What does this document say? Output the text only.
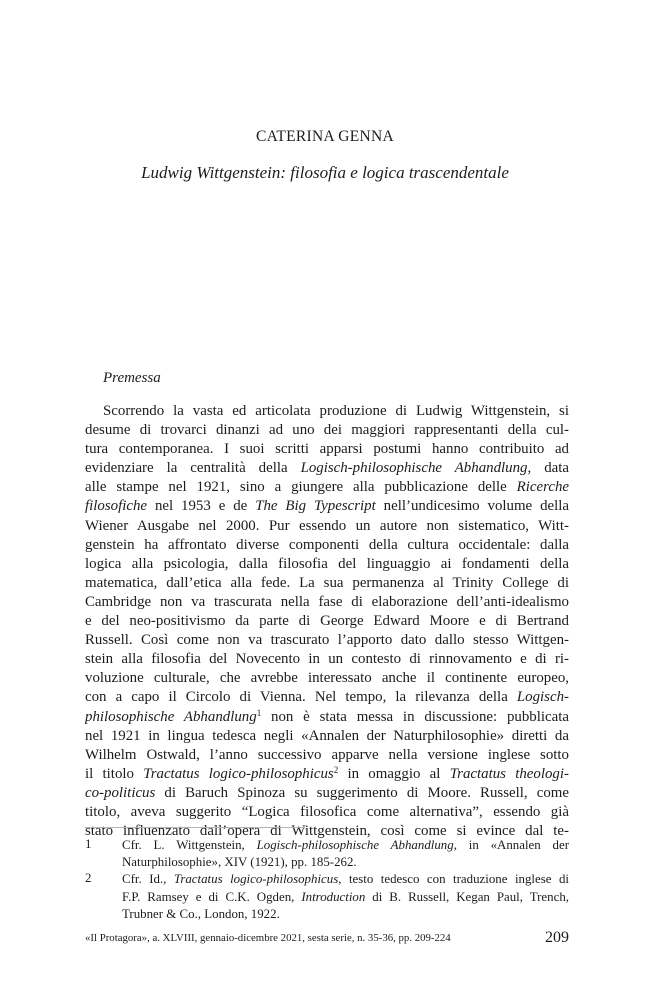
CATERINA GENNA
Ludwig Wittgenstein: filosofia e logica trascendentale
Premessa
Scorrendo la vasta ed articolata produzione di Ludwig Wittgenstein, si
desume di trovarci dinanzi ad uno dei maggiori rappresentanti della cul-
tura contemporanea. I suoi scritti apparsi postumi hanno contribuito ad
evidenziare la centralità della Logisch-philosophische Abhandlung, data
alle stampe nel 1921, sino a giungere alla pubblicazione delle Ricerche
filosofiche nel 1953 e de The Big Typescript nell’undicesimo volume della
Wiener Ausgabe nel 2000. Pur essendo un autore non sistematico, Witt-
genstein ha affrontato diverse componenti della cultura occidentale: dalla
logica alla psicologia, dalla filosofia del linguaggio ai fondamenti della
matematica, dall’etica alla fede. La sua permanenza al Trinity College di
Cambridge non va trascurata nella fase di elaborazione dell’anti-idealismo
e del neo-positivismo da parte di George Edward Moore e di Bertrand
Russell. Così come non va trascurato l’apporto dato dallo stesso Wittgen-
stein alla filosofia del Novecento in un contesto di rinnovamento e di ri-
voluzione culturale, che avrebbe interessato anche il continente europeo,
con a capo il Circolo di Vienna. Nel tempo, la rilevanza della Logisch-
philosophische Abhandlung$^1$ non è stata messa in discussione: pubblicata
nel 1921 in lingua tedesca negli «Annalen der Naturphilosophie» diretti da
Wilhelm Ostwald, l’anno successivo apparve nella versione inglese sotto
il titolo Tractatus logico-philosophicus$^2$ in omaggio al Tractatus theologi-
co-politicus di Baruch Spinoza su suggerimento di Moore. Russell, come
titolo, aveva suggerito “Logica filosofica come alternativa”, essendo già
stato influenzato dall’opera di Wittgenstein, così come si evince dal te-
1	Cfr. L. Wittgenstein, Logisch-philosophische Abhandlung, in «Annalen der
Naturphilosophie», XIV (1921), pp. 185-262.
2	Cfr. Id., Tractatus logico-philosophicus, testo tedesco con traduzione inglese di
F.P. Ramsey e di C.K. Ogden, Introduction di B. Russell, Kegan Paul, Trench,
Trubner & Co., London, 1922.
«Il Protagora», a. XLVIII, gennaio-dicembre 2021, sesta serie, n. 35-36, pp. 209-224	209
